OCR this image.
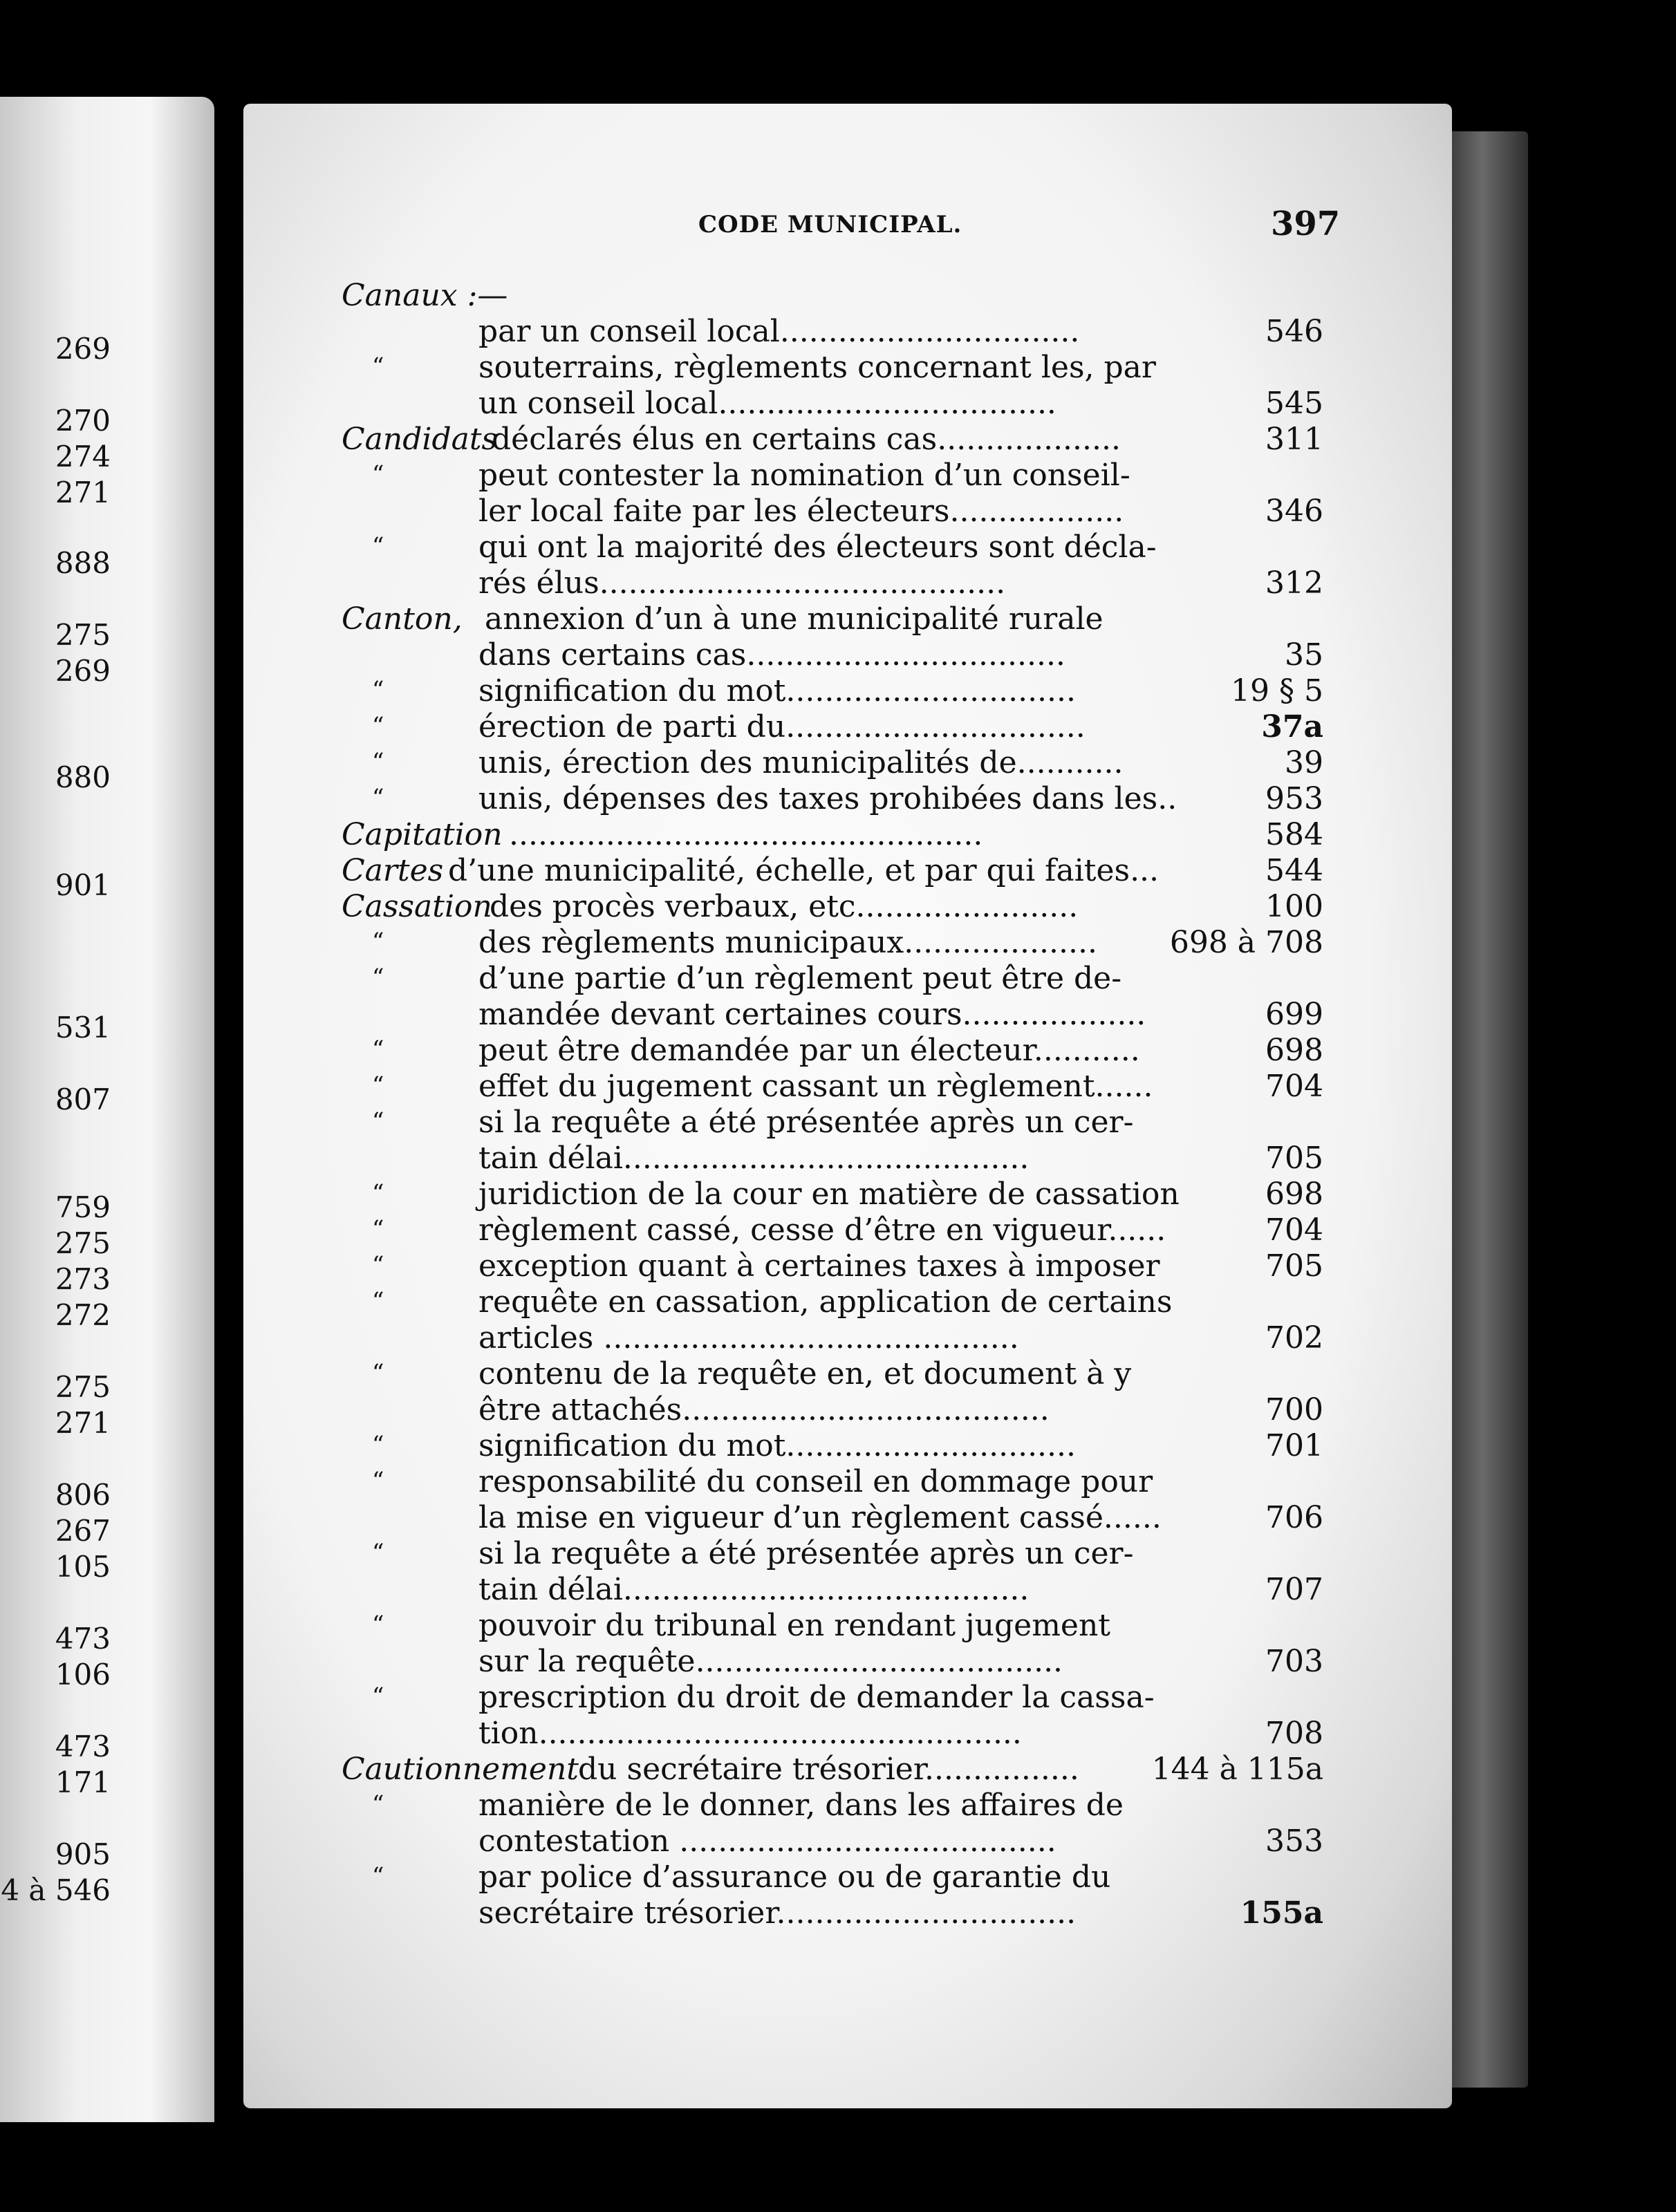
269
270
274
271
888
275
269
880
901
531
807
759
275
273
272
275
271
806
267
105
473
106
473
171
905
4 à 546
CODE MUNICIPAL.	397
Canaux :—
par un conseil local...............................	546
“	souterrains, règlements concernant les, par
un conseil local...................................	545
Candidats
déclarés élus en certains cas...................	311
“	peut contester la nomination d’un conseil-
ler local faite par les électeurs..................	346
“	qui ont la majorité des électeurs sont décla-
rés élus..........................................	312
Canton, annexion d’un à une municipalité rurale
dans certains cas.................................	35
“	signification du mot..............................	19 § 5
“	érection de parti du...............................	37a
“	unis, érection des municipalités de...........	39
“	unis, dépenses des taxes prohibées dans les..	953
Capitation .................................................	584
Cartes d’une municipalité, échelle, et par qui faites...	544
Cassation
des procès verbaux, etc.......................	100
“	des règlements municipaux.................... 698 à 708
“	d’une partie d’un règlement peut être de-
mandée devant certaines cours...................	699
“	peut être demandée par un électeur...........	698
“	effet du jugement cassant un règlement......	704
“	si la requête a été présentée après un cer-
tain délai..........................................	705
“	juridiction de la cour en matière de cassation	698
“	règlement cassé, cesse d’être en vigueur......	704
“	exception quant à certaines taxes à imposer	705
“	requête en cassation, application de certains
articles ...........................................	702
“	contenu de la requête en, et document à y
être attachés......................................	700
“	signification du mot..............................	701
“	responsabilité du conseil en dommage pour
la mise en vigueur d’un règlement cassé......	706
“	si la requête a été présentée après un cer-
tain délai..........................................	707
“	pouvoir du tribunal en rendant jugement
sur la requête......................................	703
“	prescription du droit de demander la cassa-
tion..................................................	708
Cautionnement du secrétaire trésorier................ 144 à 115a
“	manière de le donner, dans les affaires de
contestation .......................................	353
“	par police d’assurance ou de garantie du
secrétaire trésorier...............................	155a
